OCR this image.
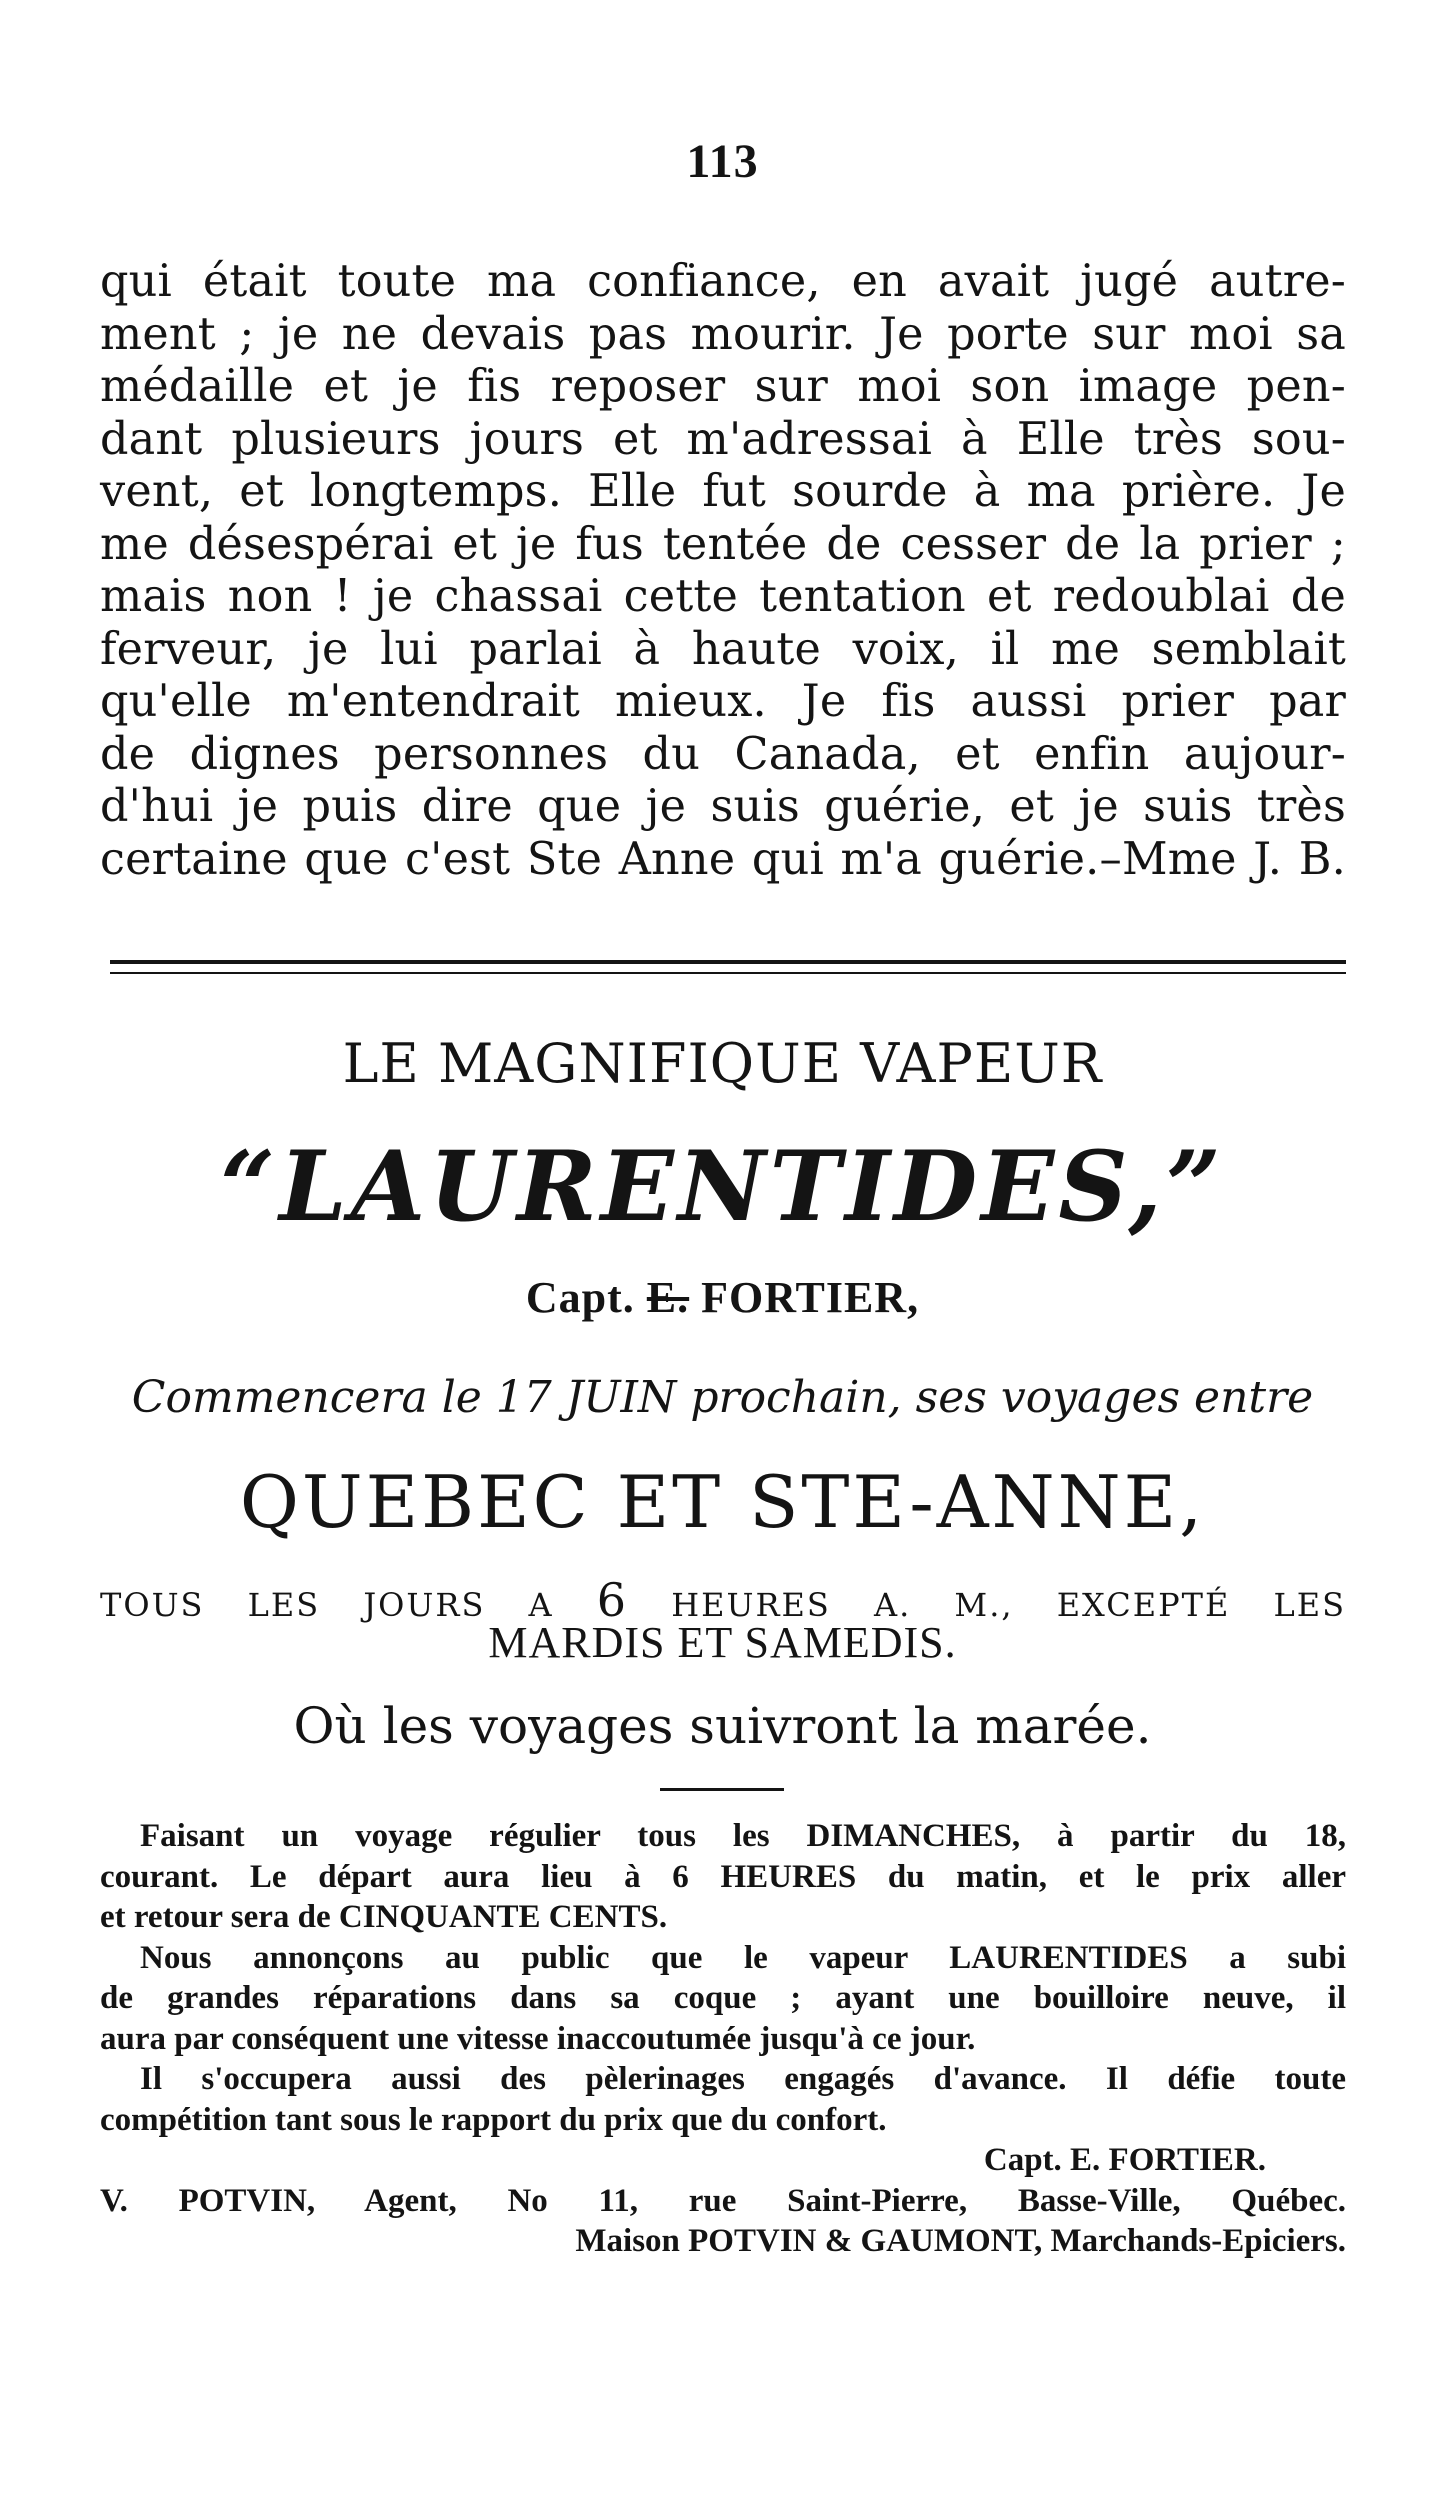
113
qui était toute ma confiance, en avait jugé autre-
ment ; je ne devais pas mourir. Je porte sur moi sa
médaille et je fis reposer sur moi son image pen-
dant plusieurs jours et m'adressai à Elle très sou-
vent, et longtemps. Elle fut sourde à ma prière. Je
me désespérai et je fus tentée de cesser de la prier ;
mais non ! je chassai cette tentation et redoublai de
ferveur, je lui parlai à haute voix, il me semblait
qu'elle m'entendrait mieux. Je fis aussi prier par
de dignes personnes du Canada, et enfin aujour-
d'hui je puis dire que je suis guérie, et je suis très
certaine que c'est Ste Anne qui m'a guérie.–Mme J. B.
LE MAGNIFIQUE VAPEUR
“LAURENTIDES,”
Capt. E. FORTIER,
Commencera le 17 JUIN prochain, ses voyages entre
QUEBEC ET STE-ANNE,
TOUS LES JOURS A 6 HEURES A. M., EXCEPTÉ LES
MARDIS ET SAMEDIS.
Où les voyages suivront la marée.
Faisant un voyage régulier tous les DIMANCHES, à partir du 18,
courant. Le départ aura lieu à 6 HEURES du matin, et le prix aller
et retour sera de CINQUANTE CENTS.
Nous annonçons au public que le vapeur LAURENTIDES a subi
de grandes réparations dans sa coque ; ayant une bouilloire neuve, il
aura par conséquent une vitesse inaccoutumée jusqu'à ce jour.
Il s'occupera aussi des pèlerinages engagés d'avance. Il défie toute
compétition tant sous le rapport du prix que du confort.
Capt. E. FORTIER.
V. POTVIN, Agent, No 11, rue Saint-Pierre, Basse-Ville, Québec.
Maison POTVIN & GAUMONT, Marchands-Epiciers.
